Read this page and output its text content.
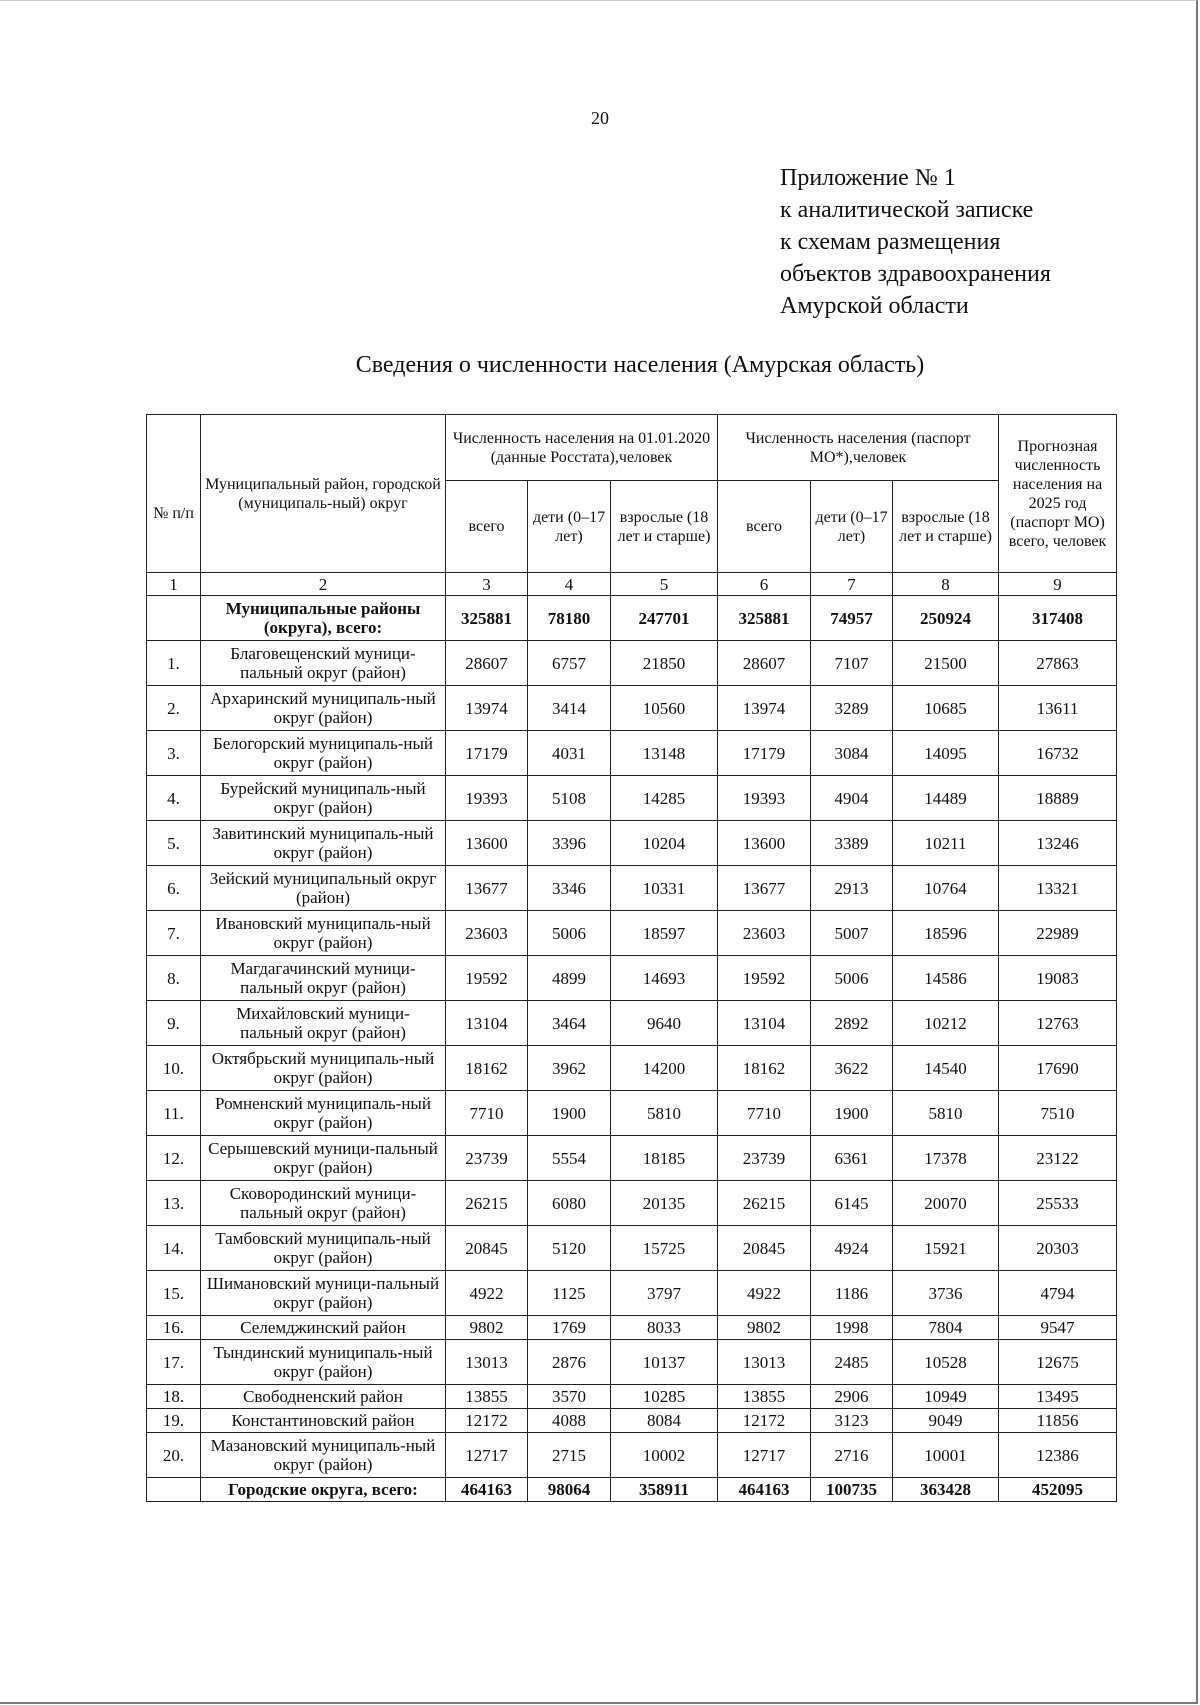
20
Приложение № 1
к аналитической записке
к схемам размещения
объектов здравоохранения
Амурской области
Сведения о численности населения (Амурская область)
№ п/п	Муниципальный район, городской (муниципаль-ный) округ	Численность населения на 01.01.2020 (данные Росстата),человек			Численность населения (паспорт МО*),человек			Прогнозная численность населения на 2025 год (паспорт МО) всего, человек
		всего	дети (0–17 лет)	взрослые (18 лет и старше)	всего	дети (0–17 лет)	взрослые (18 лет и старше)	
1	2	3	4	5	6	7	8	9
	Муниципальные районы (округа), всего:	325881	78180	247701	325881	74957	250924	317408
1.	Благовещенский муници-пальный округ (район)	28607	6757	21850	28607	7107	21500	27863
2.	Архаринский муниципаль-ный округ (район)	13974	3414	10560	13974	3289	10685	13611
3.	Белогорский муниципаль-ный округ (район)	17179	4031	13148	17179	3084	14095	16732
4.	Бурейский муниципаль-ный округ (район)	19393	5108	14285	19393	4904	14489	18889
5.	Завитинский муниципаль-ный округ (район)	13600	3396	10204	13600	3389	10211	13246
6.	Зейский муниципальный округ (район)	13677	3346	10331	13677	2913	10764	13321
7.	Ивановский муниципаль-ный округ (район)	23603	5006	18597	23603	5007	18596	22989
8.	Магдагачинский муници-пальный округ (район)	19592	4899	14693	19592	5006	14586	19083
9.	Михайловский муници-пальный округ (район)	13104	3464	9640	13104	2892	10212	12763
10.	Октябрьский муниципаль-ный округ (район)	18162	3962	14200	18162	3622	14540	17690
11.	Ромненский муниципаль-ный округ (район)	7710	1900	5810	7710	1900	5810	7510
12.	Серышевский муници-пальный округ (район)	23739	5554	18185	23739	6361	17378	23122
13.	Сковородинский муници-пальный округ (район)	26215	6080	20135	26215	6145	20070	25533
14.	Тамбовский муниципаль-ный округ (район)	20845	5120	15725	20845	4924	15921	20303
15.	Шимановский муници-пальный округ (район)	4922	1125	3797	4922	1186	3736	4794
16.	Селемджинский район	9802	1769	8033	9802	1998	7804	9547
17.	Тындинский муниципаль-ный округ (район)	13013	2876	10137	13013	2485	10528	12675
18.	Свободненский район	13855	3570	10285	13855	2906	10949	13495
19.	Константиновский район	12172	4088	8084	12172	3123	9049	11856
20.	Мазановский муниципаль-ный округ (район)	12717	2715	10002	12717	2716	10001	12386
	Городские округа, всего:	464163	98064	358911	464163	100735	363428	452095
